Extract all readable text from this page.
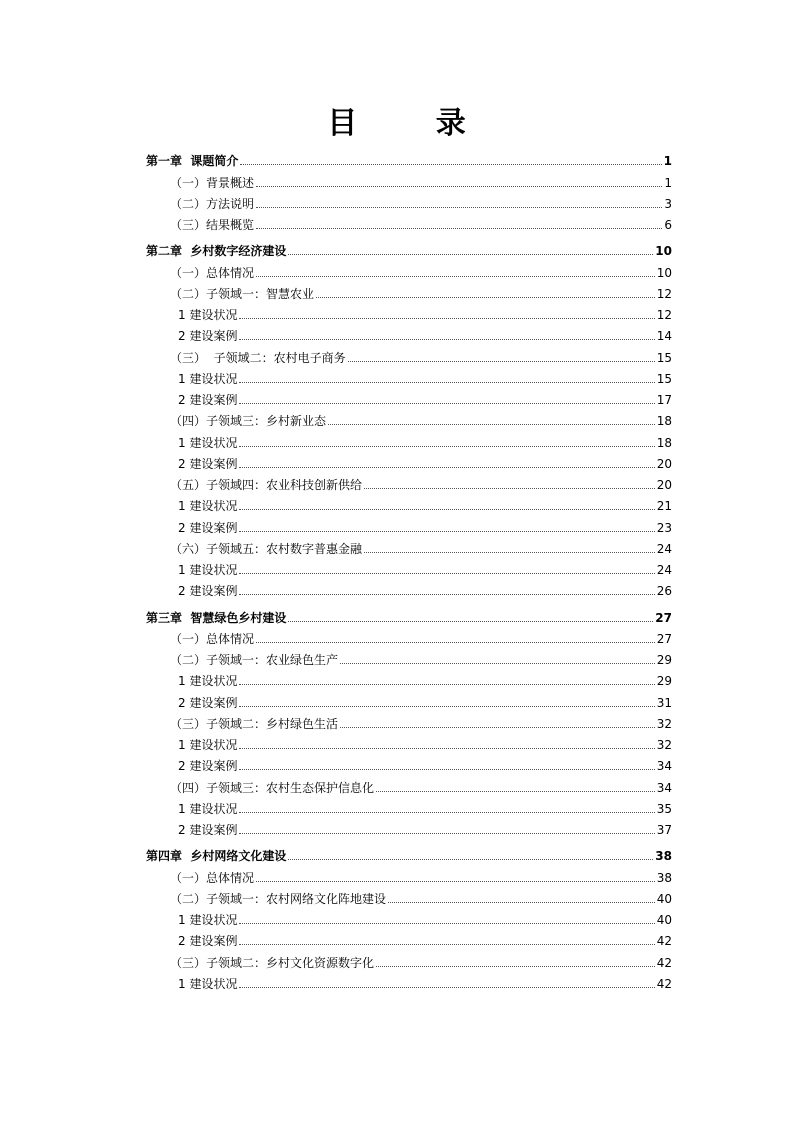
目 录
第一章  课题简介	1
（一）背景概述	1
（二）方法说明	3
（三）结果概览	6
第二章  乡村数字经济建设	10
（一）总体情况	10
（二）子领域一：智慧农业	12
1 建设状况	12
2 建设案例	14
（三）  子领域二：农村电子商务	15
1 建设状况	15
2 建设案例	17
（四）子领域三：乡村新业态	18
1 建设状况	18
2 建设案例	20
（五）子领域四：农业科技创新供给	20
1 建设状况	21
2 建设案例	23
（六）子领域五：农村数字普惠金融	24
1 建设状况	24
2 建设案例	26
第三章  智慧绿色乡村建设	27
（一）总体情况	27
（二）子领域一：农业绿色生产	29
1 建设状况	29
2 建设案例	31
（三）子领域二：乡村绿色生活	32
1 建设状况	32
2 建设案例	34
（四）子领域三：农村生态保护信息化	34
1 建设状况	35
2 建设案例	37
第四章  乡村网络文化建设	38
（一）总体情况	38
（二）子领域一：农村网络文化阵地建设	40
1 建设状况	40
2 建设案例	42
（三）子领域二：乡村文化资源数字化	42
1 建设状况	42
